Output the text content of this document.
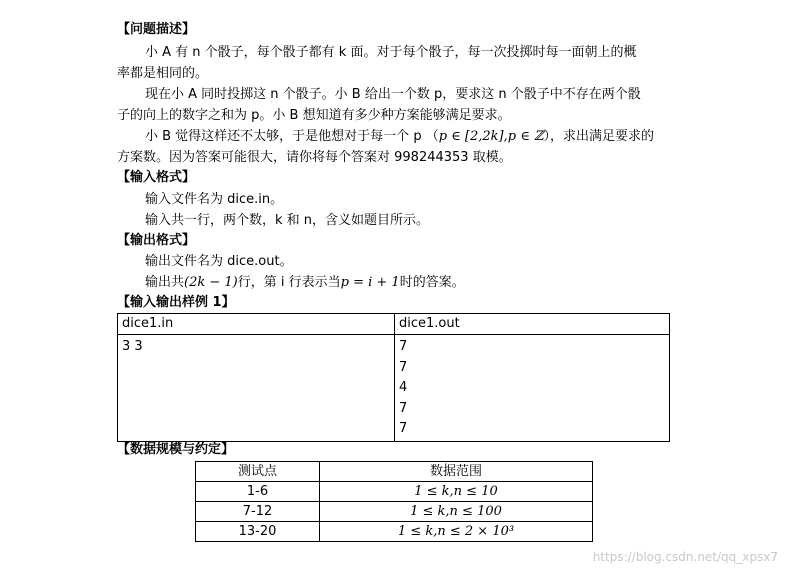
【问题描述】
小 A 有 n 个骰子，每个骰子都有 k 面。对于每个骰子，每一次投掷时每一面朝上的概
率都是相同的。
现在小 A 同时投掷这 n 个骰子。小 B 给出一个数 p，要求这 n 个骰子中不存在两个骰
子的向上的数字之和为 p。小 B 想知道有多少种方案能够满足要求。
小 B 觉得这样还不太够，于是他想对于每一个 p （p ∈ [2,2k],p ∈ ℤ），求出满足要求的
方案数。因为答案可能很大，请你将每个答案对 998244353 取模。
【输入格式】
输入文件名为 dice.in。
输入共一行，两个数，k 和 n，含义如题目所示。
【输出格式】
输出文件名为 dice.out。
输出共(2k − 1)行，第 i 行表示当p = i + 1时的答案。
【输入输出样例 1】
dice1.in	dice1.out

3 3	7
7
4
7
7
【数据规模与约定】
测试点	数据范围
1-6	1 ≤ k,n ≤ 10
7-12	1 ≤ k,n ≤ 100
13-20	1 ≤ k,n ≤ 2 × 10³
https://blog.csdn.net/qq_xpsx7
